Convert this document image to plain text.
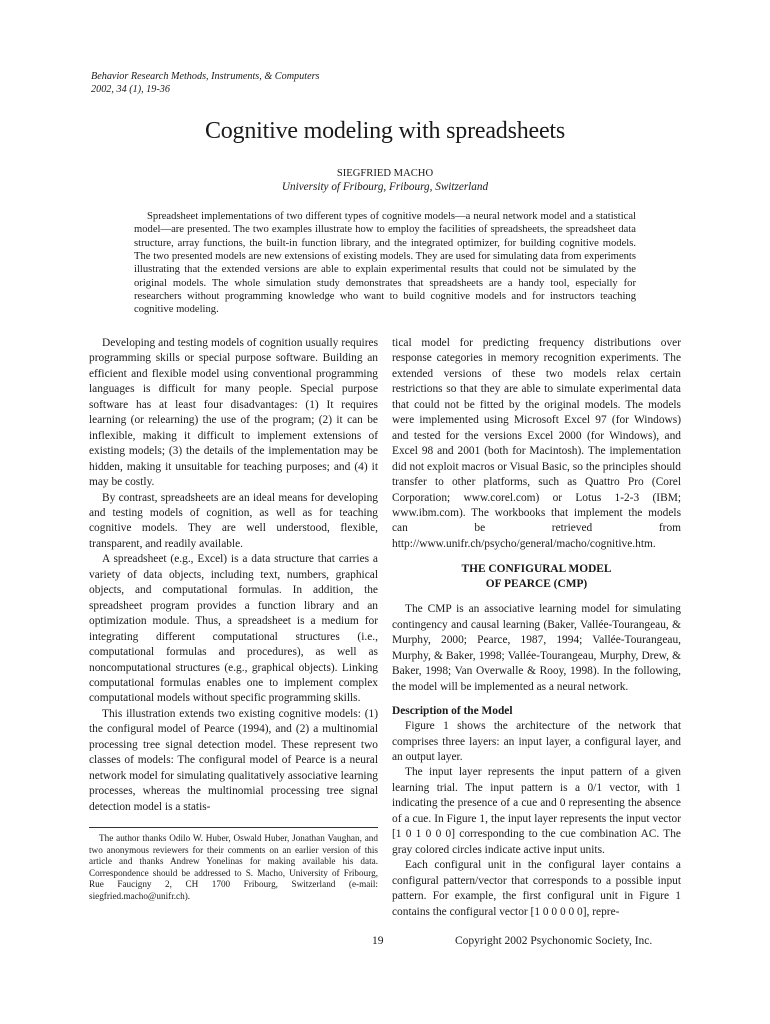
Behavior Research Methods, Instruments, & Computers
2002, 34 (1), 19-36
Cognitive modeling with spreadsheets
SIEGFRIED MACHO
University of Fribourg, Fribourg, Switzerland

Spreadsheet implementations of two different types of cognitive models—a neural network model and a statistical model—are presented. The two examples illustrate how to employ the facilities of spreadsheets, the spreadsheet data structure, array functions, the built-in function library, and the integrated optimizer, for building cognitive models. The two presented models are new extensions of existing models. They are used for simulating data from experiments illustrating that the extended versions are able to explain experimental results that could not be simulated by the original models. The whole simulation study demonstrates that spreadsheets are a handy tool, especially for researchers without programming knowledge who want to build cognitive models and for instructors teaching cognitive modeling.

Developing and testing models of cognition usually requires programming skills or special purpose software. Building an efficient and flexible model using conventional programming languages is difficult for many people. Special purpose software has at least four disadvantages: (1) It requires learning (or relearning) the use of the program; (2) it can be inflexible, making it difficult to implement extensions of existing models; (3) the details of the implementation may be hidden, making it unsuitable for teaching purposes; and (4) it may be costly.

By contrast, spreadsheets are an ideal means for developing and testing models of cognition, as well as for teaching cognitive models. They are well understood, flexible, transparent, and readily available.

A spreadsheet (e.g., Excel) is a data structure that carries a variety of data objects, including text, numbers, graphical objects, and computational formulas. In addition, the spreadsheet program provides a function library and an optimization module. Thus, a spreadsheet is a medium for integrating different computational structures (i.e., computational formulas and procedures), as well as noncomputational structures (e.g., graphical objects). Linking computational formulas enables one to implement complex computational models without specific programming skills.

This illustration extends two existing cognitive models: (1) the configural model of Pearce (1994), and (2) a multinomial processing tree signal detection model. These represent two classes of models: The configural model of Pearce is a neural network model for simulating qualitatively associative learning processes, whereas the multinomial processing tree signal detection model is a statis-

The author thanks Odilo W. Huber, Oswald Huber, Jonathan Vaughan, and two anonymous reviewers for their comments on an earlier version of this article and thanks Andrew Yonelinas for making available his data. Correspondence should be addressed to S. Macho, University of Fribourg, Rue Faucigny 2, CH 1700 Fribourg, Switzerland (e-mail: siegfried.macho@unifr.ch).

tical model for predicting frequency distributions over response categories in memory recognition experiments. The extended versions of these two models relax certain restrictions so that they are able to simulate experimental data that could not be fitted by the original models. The models were implemented using Microsoft Excel 97 (for Windows) and tested for the versions Excel 2000 (for Windows), and Excel 98 and 2001 (both for Macintosh). The implementation did not exploit macros or Visual Basic, so the principles should transfer to other platforms, such as Quattro Pro (Corel Corporation; www.corel.com) or Lotus 1-2-3 (IBM; www.ibm.com). The workbooks that implement the models can be retrieved from http://www.unifr.ch/psycho/general/macho/cognitive.htm.

THE CONFIGURAL MODEL
OF PEARCE (CMP)

The CMP is an associative learning model for simulating contingency and causal learning (Baker, Vallée-Tourangeau, & Murphy, 2000; Pearce, 1987, 1994; Vallée-Tourangeau, Murphy, & Baker, 1998; Vallée-Tourangeau, Murphy, Drew, & Baker, 1998; Van Overwalle & Rooy, 1998). In the following, the model will be implemented as a neural network.

Description of the Model

Figure 1 shows the architecture of the network that comprises three layers: an input layer, a configural layer, and an output layer.

The input layer represents the input pattern of a given learning trial. The input pattern is a 0/1 vector, with 1 indicating the presence of a cue and 0 representing the absence of a cue. In Figure 1, the input layer represents the input vector [1 0 1 0 0 0] corresponding to the cue combination AC. The gray colored circles indicate active input units.

Each configural unit in the configural layer contains a configural pattern/vector that corresponds to a possible input pattern. For example, the first configural unit in Figure 1 contains the configural vector [1 0 0 0 0 0], repre-

19	Copyright 2002 Psychonomic Society, Inc.
